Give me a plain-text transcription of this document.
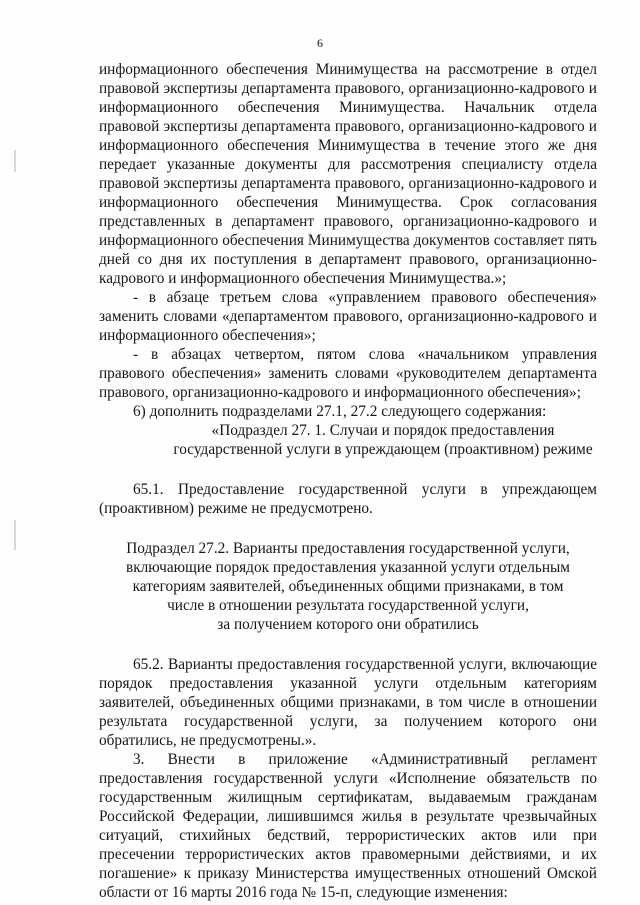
6

информационного обеспечения Минимущества на рассмотрение в отдел правовой экспертизы департамента правового, организационно-кадрового и информационного обеспечения Минимущества. Начальник отдела правовой экспертизы департамента правового, организационно-кадрового и информационного обеспечения Минимущества в течение этого же дня передает указанные документы для рассмотрения специалисту отдела правовой экспертизы департамента правового, организационно-кадрового и информационного обеспечения Минимущества. Срок согласования представленных в департамент правового, организационно-кадрового и информационного обеспечения Минимущества документов составляет пять дней со дня их поступления в департамент правового, организационно-кадрового и информационного обеспечения Минимущества.»;

- в абзаце третьем слова «управлением правового обеспечения» заменить словами «департаментом правового, организационно-кадрового и информационного обеспечения»;

- в абзацах четвертом, пятом слова «начальником управления правового обеспечения» заменить словами «руководителем департамента правового, организационно-кадрового и информационного обеспечения»;

6) дополнить подразделами 27.1, 27.2 следующего содержания:

«Подраздел 27. 1. Случаи и порядок предоставления

государственной услуги в упреждающем (проактивном) режиме

65.1. Предоставление государственной услуги в упреждающем (проактивном) режиме не предусмотрено.

Подраздел 27.2. Варианты предоставления государственной услуги,

включающие порядок предоставления указанной услуги отдельным

категориям заявителей, объединенных общими признаками, в том

числе в отношении результата государственной услуги,

за получением которого они обратились

65.2. Варианты предоставления государственной услуги, включающие порядок предоставления указанной услуги отдельным категориям заявителей, объединенных общими признаками, в том числе в отношении результата государственной услуги, за получением которого они обратились, не предусмотрены.».

3. Внести в приложение «Административный регламент предоставления государственной услуги «Исполнение обязательств по государственным жилищным сертификатам, выдаваемым гражданам Российской Федерации, лишившимся жилья в результате чрезвычайных ситуаций, стихийных бедствий, террористических актов или при пресечении террористических актов правомерными действиями, и их погашение» к приказу Министерства имущественных отношений Омской области от 16 марты 2016 года № 15-п, следующие изменения:
